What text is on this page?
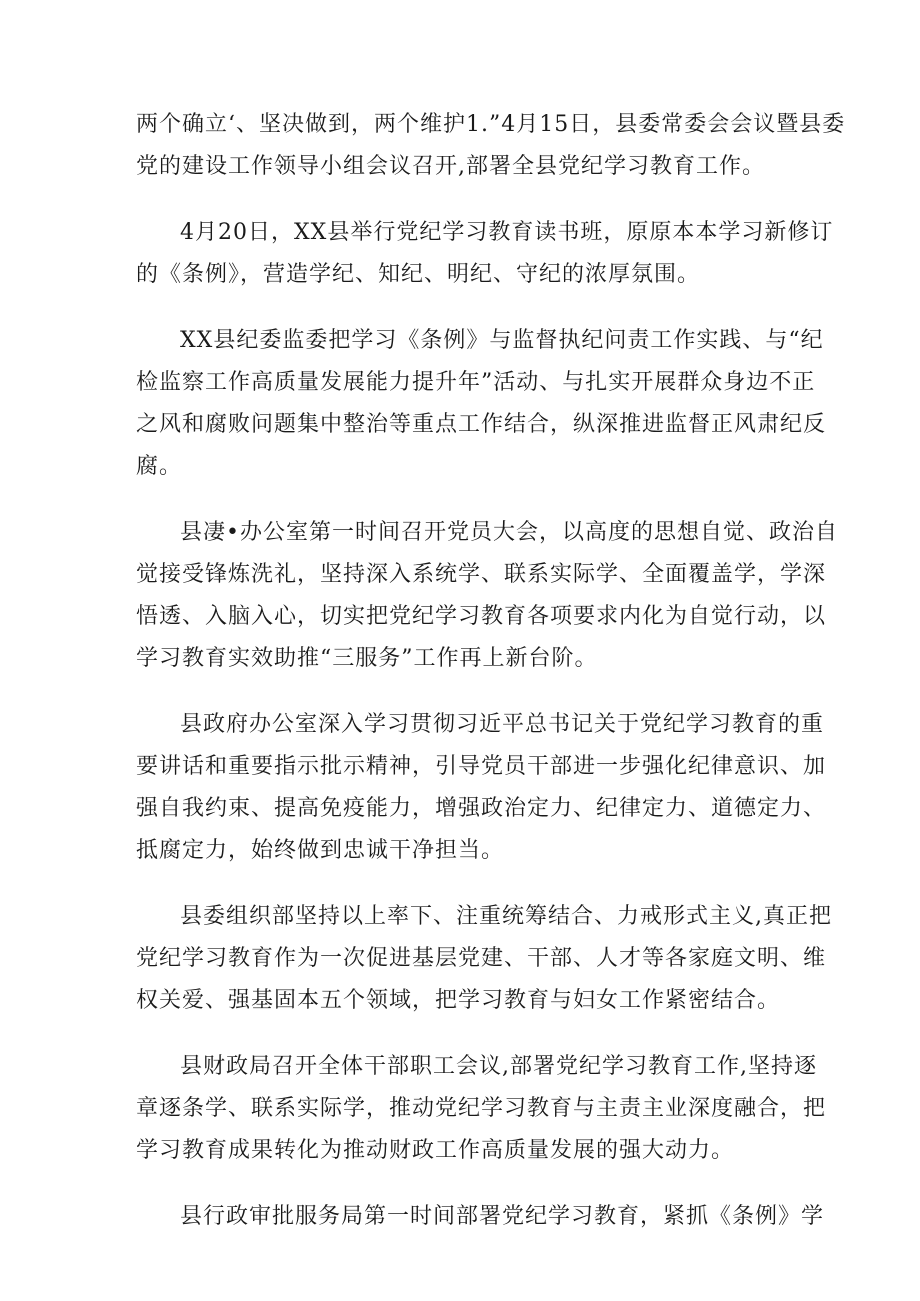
两个确立‘、坚决做到，两个维护1.”4月15日，县委常委会会议暨县委
党的建设工作领导小组会议召开,部署全县党纪学习教育工作。

4月20日，XX县举行党纪学习教育读书班，原原本本学习新修订
的《条例》，营造学纪、知纪、明纪、守纪的浓厚氛围。

XX县纪委监委把学习《条例》与监督执纪问责工作实践、与“纪
检监察工作高质量发展能力提升年”活动、与扎实开展群众身边不正
之风和腐败问题集中整治等重点工作结合，纵深推进监督正风肃纪反
腐。

县凄•办公室第一时间召开党员大会，以高度的思想自觉、政治自
觉接受锋炼洗礼，坚持深入系统学、联系实际学、全面覆盖学，学深
悟透、入脑入心，切实把党纪学习教育各项要求内化为自觉行动，以
学习教育实效助推“三服务”工作再上新台阶。

县政府办公室深入学习贯彻习近平总书记关于党纪学习教育的重
要讲话和重要指示批示精神，引导党员干部进一步强化纪律意识、加
强自我约束、提高免疫能力，增强政治定力、纪律定力、道德定力、
抵腐定力，始终做到忠诚干净担当。

县委组织部坚持以上率下、注重统筹结合、力戒形式主义,真正把
党纪学习教育作为一次促进基层党建、干部、人才等各家庭文明、维
权关爱、强基固本五个领域，把学习教育与妇女工作紧密结合。

县财政局召开全体干部职工会议,部署党纪学习教育工作,坚持逐
章逐条学、联系实际学，推动党纪学习教育与主责主业深度融合，把
学习教育成果转化为推动财政工作高质量发展的强大动力。

县行政审批服务局第一时间部署党纪学习教育，紧抓《条例》学
